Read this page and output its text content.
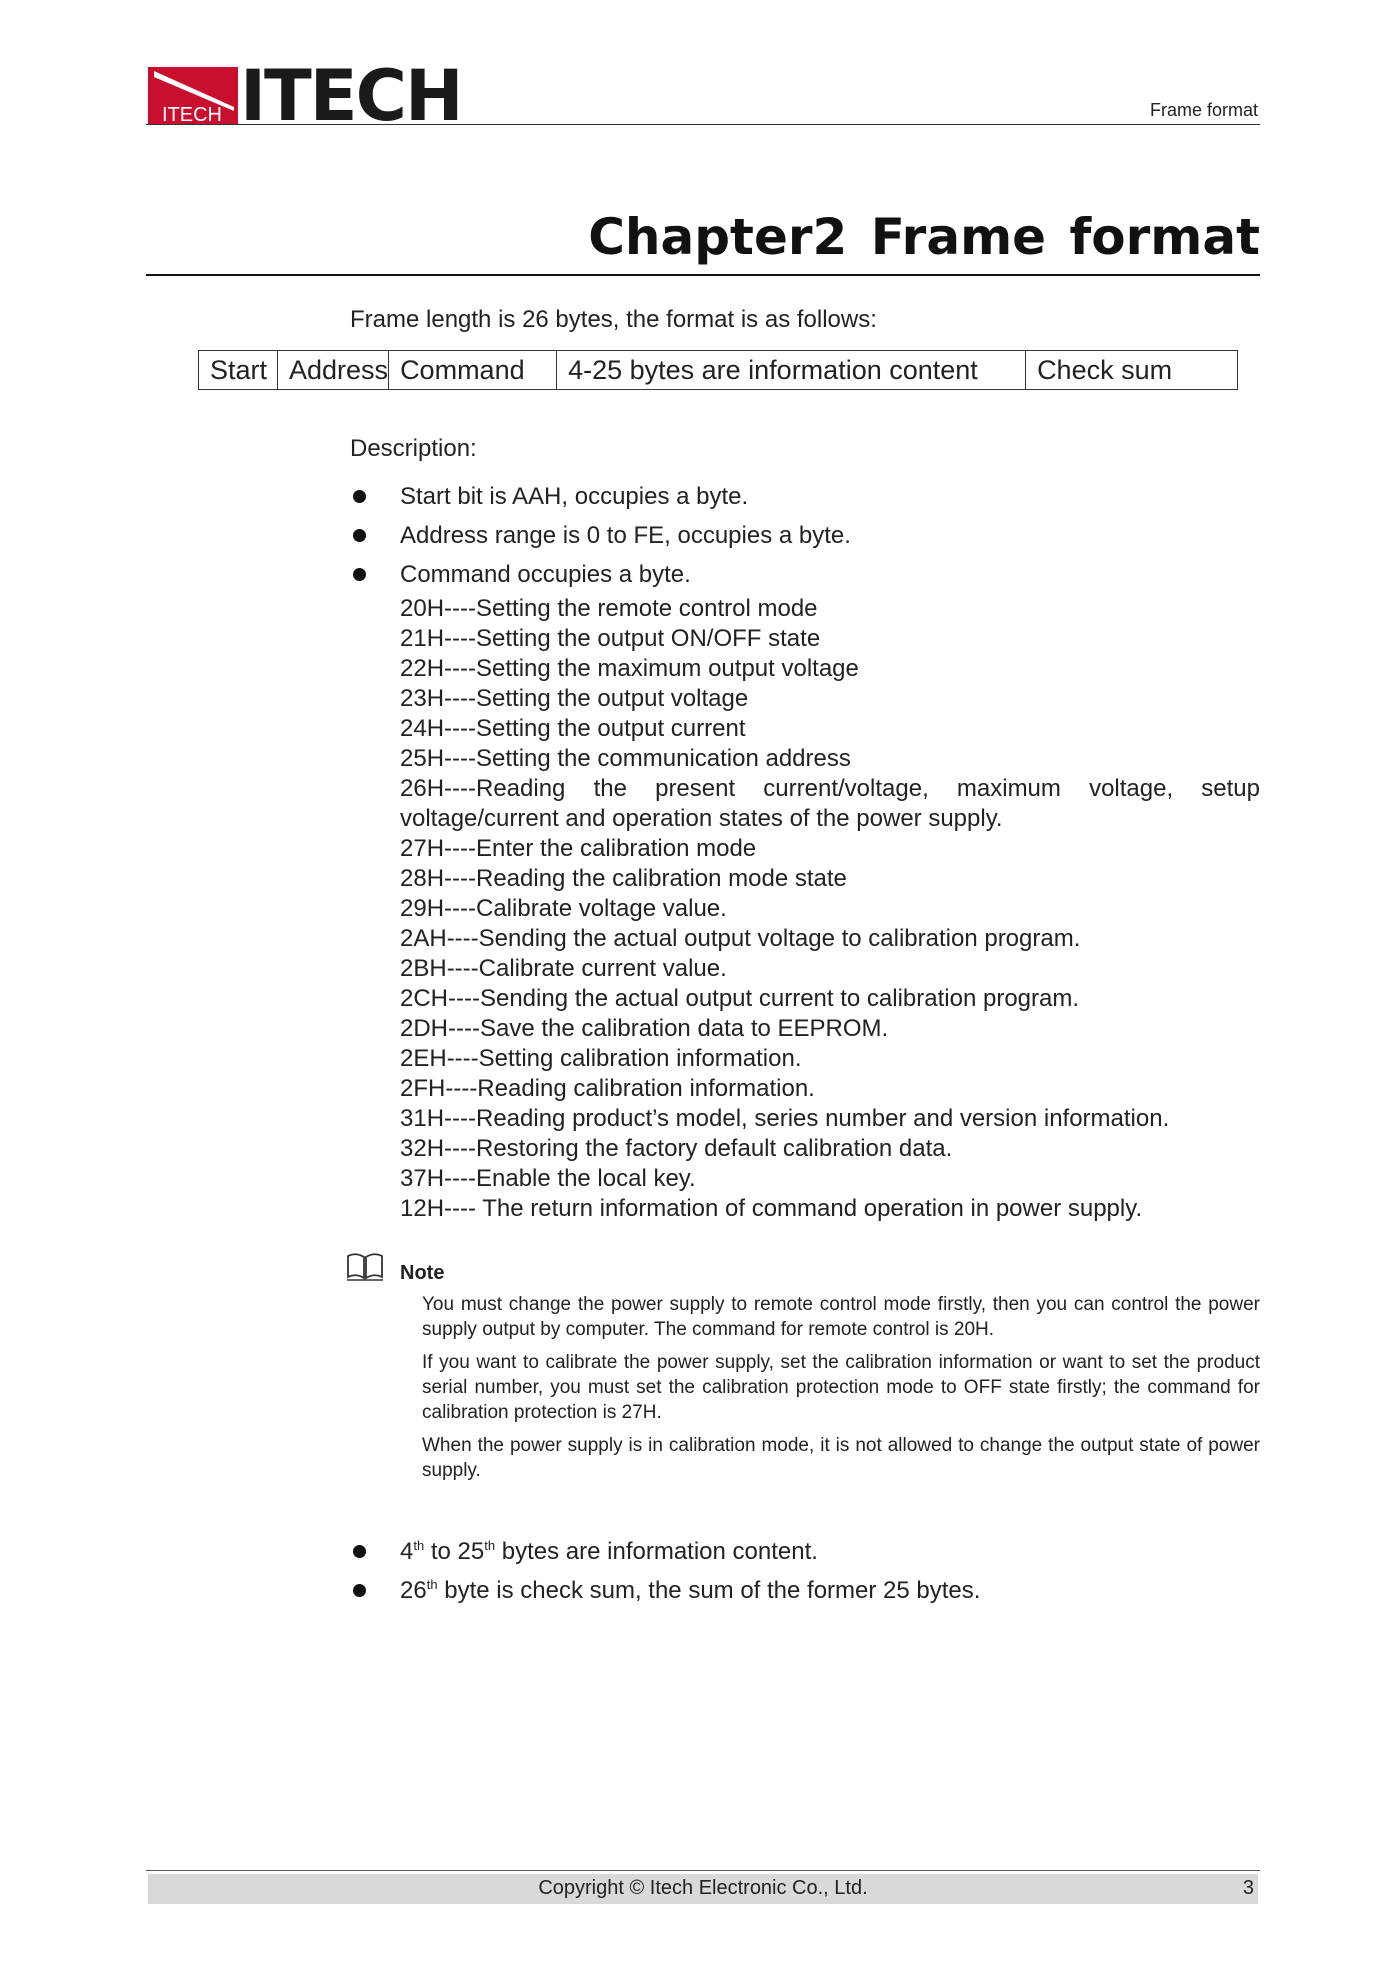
ITECH ITECH	Frame format
Chapter2 Frame format
Frame length is 26 bytes, the format is as follows:
Start	Address	Command	4-25 bytes are information content	Check sum
Description:
Start bit is AAH, occupies a byte.
Address range is 0 to FE, occupies a byte.
Command occupies a byte.
20H----Setting the remote control mode
21H----Setting the output ON/OFF state
22H----Setting the maximum output voltage
23H----Setting the output voltage
24H----Setting the output current
25H----Setting the communication address
26H----Reading the present current/voltage, maximum voltage, setup voltage/current and operation states of the power supply.
27H----Enter the calibration mode
28H----Reading the calibration mode state
29H----Calibrate voltage value.
2AH----Sending the actual output voltage to calibration program.
2BH----Calibrate current value.
2CH----Sending the actual output current to calibration program.
2DH----Save the calibration data to EEPROM.
2EH----Setting calibration information.
2FH----Reading calibration information.
31H----Reading product’s model, series number and version information.
32H----Restoring the factory default calibration data.
37H----Enable the local key.
12H---- The return information of command operation in power supply.
Note

You must change the power supply to remote control mode firstly, then you can control the power supply output by computer. The command for remote control is 20H.

If you want to calibrate the power supply, set the calibration information or want to set the product serial number, you must set the calibration protection mode to OFF state firstly; the command for calibration protection is 27H.

When the power supply is in calibration mode, it is not allowed to change the output state of power supply.

4th to 25th bytes are information content.
26th byte is check sum, the sum of the former 25 bytes.
Copyright © Itech Electronic Co., Ltd.	3
